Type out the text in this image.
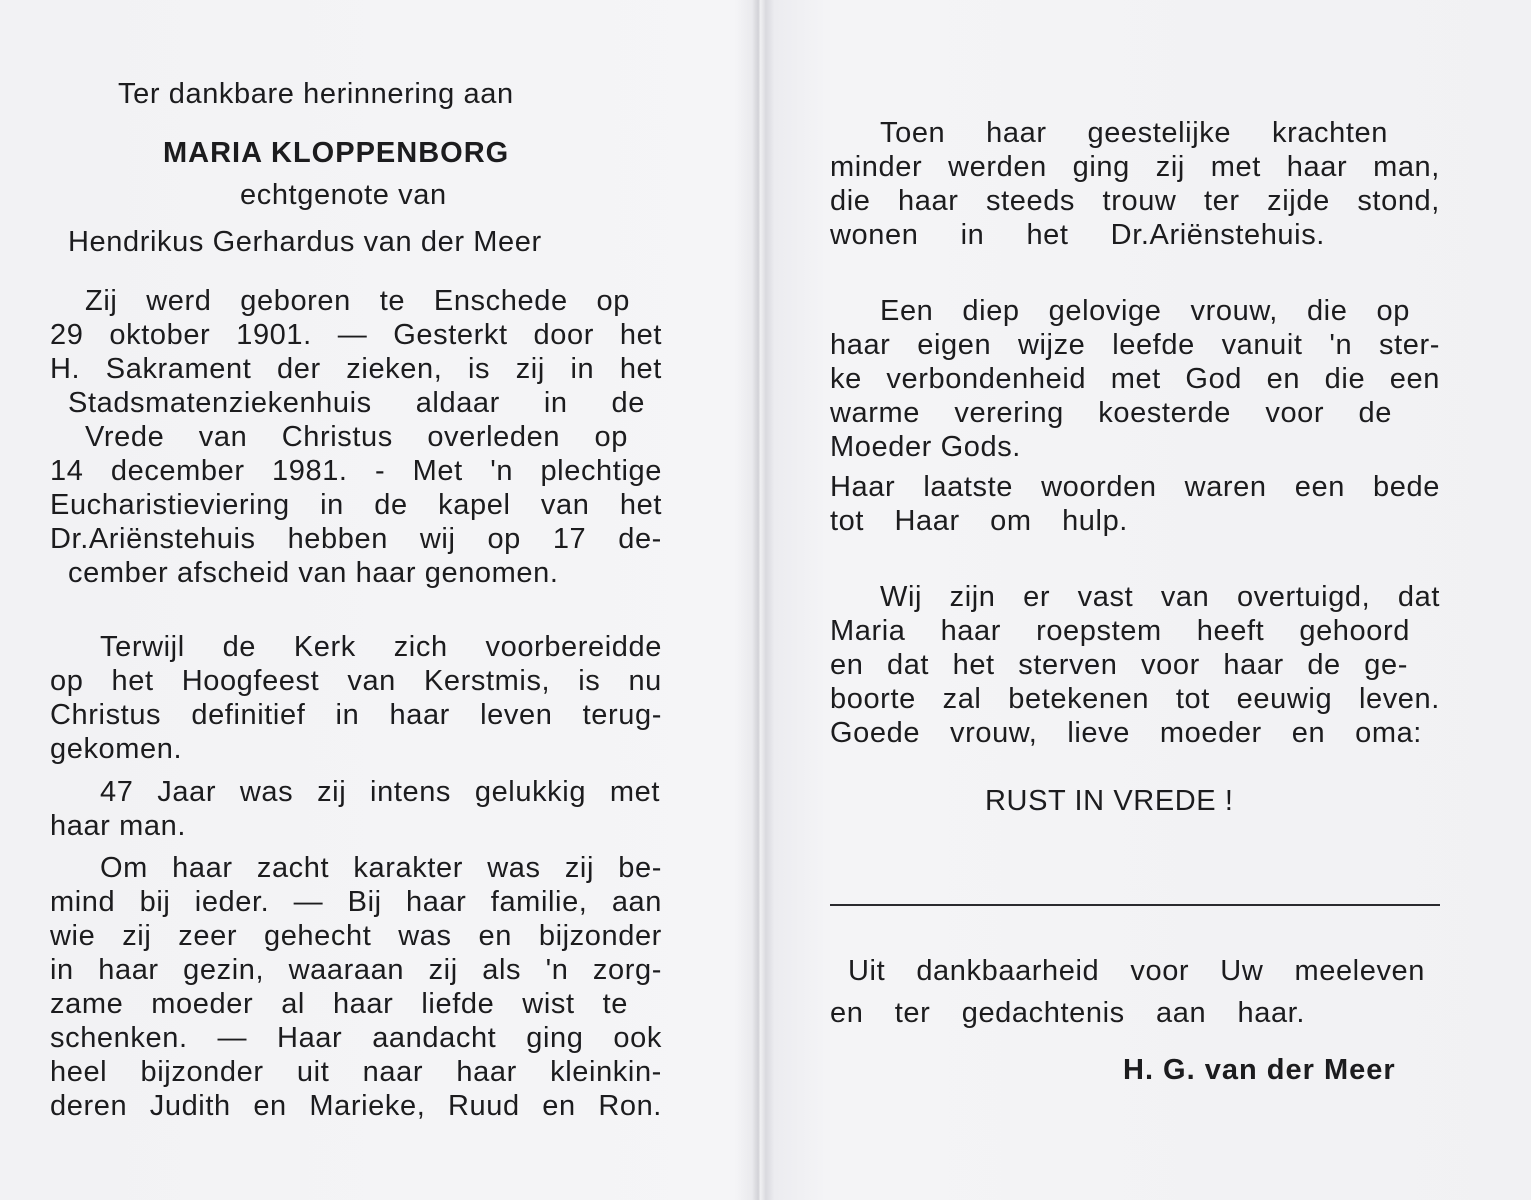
Ter dankbare herinnering aan
MARIA KLOPPENBORG
echtgenote van
Hendrikus Gerhardus van der Meer
Zij werd geboren te Enschede op
29 oktober 1901. — Gesterkt door het
H. Sakrament der zieken, is zij in het
Stadsmatenziekenhuis aldaar in de
Vrede van Christus overleden op
14 december 1981. - Met 'n plechtige
Eucharistieviering in de kapel van het
Dr.Ariënstehuis hebben wij op 17 de-
cember afscheid van haar genomen.
Terwijl de Kerk zich voorbereidde
op het Hoogfeest van Kerstmis, is nu
Christus definitief in haar leven terug-
gekomen.
47 Jaar was zij intens gelukkig met
haar man.
Om haar zacht karakter was zij be-
mind bij ieder. — Bij haar familie, aan
wie zij zeer gehecht was en bijzonder
in haar gezin, waaraan zij als 'n zorg-
zame moeder al haar liefde wist te
schenken. — Haar aandacht ging ook
heel bijzonder uit naar haar kleinkin-
deren Judith en Marieke, Ruud en Ron.
Toen haar geestelijke krachten
minder werden ging zij met haar man,
die haar steeds trouw ter zijde stond,
wonen in het Dr.Ariënstehuis.
Een diep gelovige vrouw, die op
haar eigen wijze leefde vanuit 'n ster-
ke verbondenheid met God en die een
warme verering koesterde voor de
Moeder Gods.
Haar laatste woorden waren een bede
tot Haar om hulp.
Wij zijn er vast van overtuigd, dat
Maria haar roepstem heeft gehoord
en dat het sterven voor haar de ge-
boorte zal betekenen tot eeuwig leven.
Goede vrouw, lieve moeder en oma:
RUST IN VREDE !
Uit dankbaarheid voor Uw meeleven
en ter gedachtenis aan haar.
H. G. van der Meer
